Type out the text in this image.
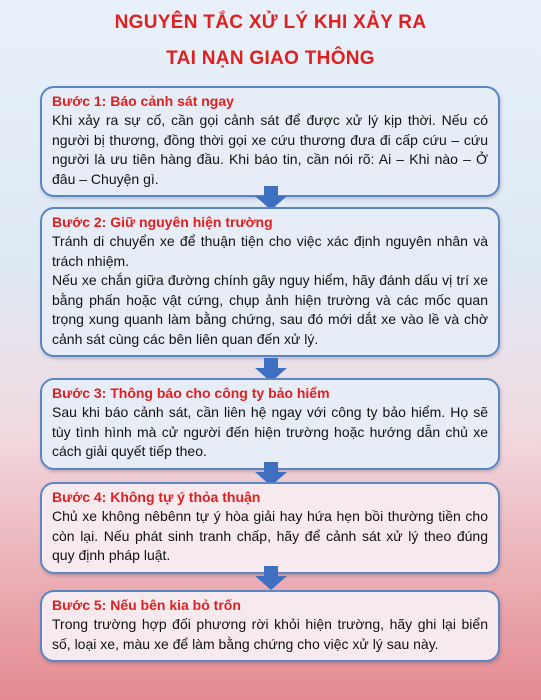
NGUYÊN TẮC XỬ LÝ KHI XẢY RA
TAI NẠN GIAO THÔNG
Bước 1: Báo cảnh sát ngay

Khi xảy ra sự cố, cần gọi cảnh sát để được xử lý kịp thời. Nếu có người bị thương, đồng thời gọi xe cứu thương đưa đi cấp cứu – cứu người là ưu tiên hàng đầu. Khi báo tin, cần nói rõ: Ai – Khi nào – Ở đâu – Chuyện gì.

Bước 2: Giữ nguyên hiện trường

Tránh di chuyển xe để thuận tiện cho việc xác định nguyên nhân và trách nhiệm.

Nếu xe chắn giữa đường chính gây nguy hiểm, hãy đánh dấu vị trí xe bằng phấn hoặc vật cứng, chụp ảnh hiện trường và các mốc quan trọng xung quanh làm bằng chứng, sau đó mới dắt xe vào lề và chờ cảnh sát cùng các bên liên quan đến xử lý.

Bước 3: Thông báo cho công ty bảo hiểm

Sau khi báo cảnh sát, cần liên hệ ngay với công ty bảo hiểm. Họ sẽ tùy tình hình mà cử người đến hiện trường hoặc hướng dẫn chủ xe cách giải quyết tiếp theo.

Bước 4: Không tự ý thỏa thuận

Chủ xe không nêbênn tự ý hòa giải hay hứa hẹn bồi thường tiền cho còn lại. Nếu phát sinh tranh chấp, hãy để cảnh sát xử lý theo đúng quy định pháp luật.

Bước 5: Nếu bên kia bỏ trốn

Trong trường hợp đối phương rời khỏi hiện trường, hãy ghi lại biển số, loại xe, màu xe để làm bằng chứng cho việc xử lý sau này.
